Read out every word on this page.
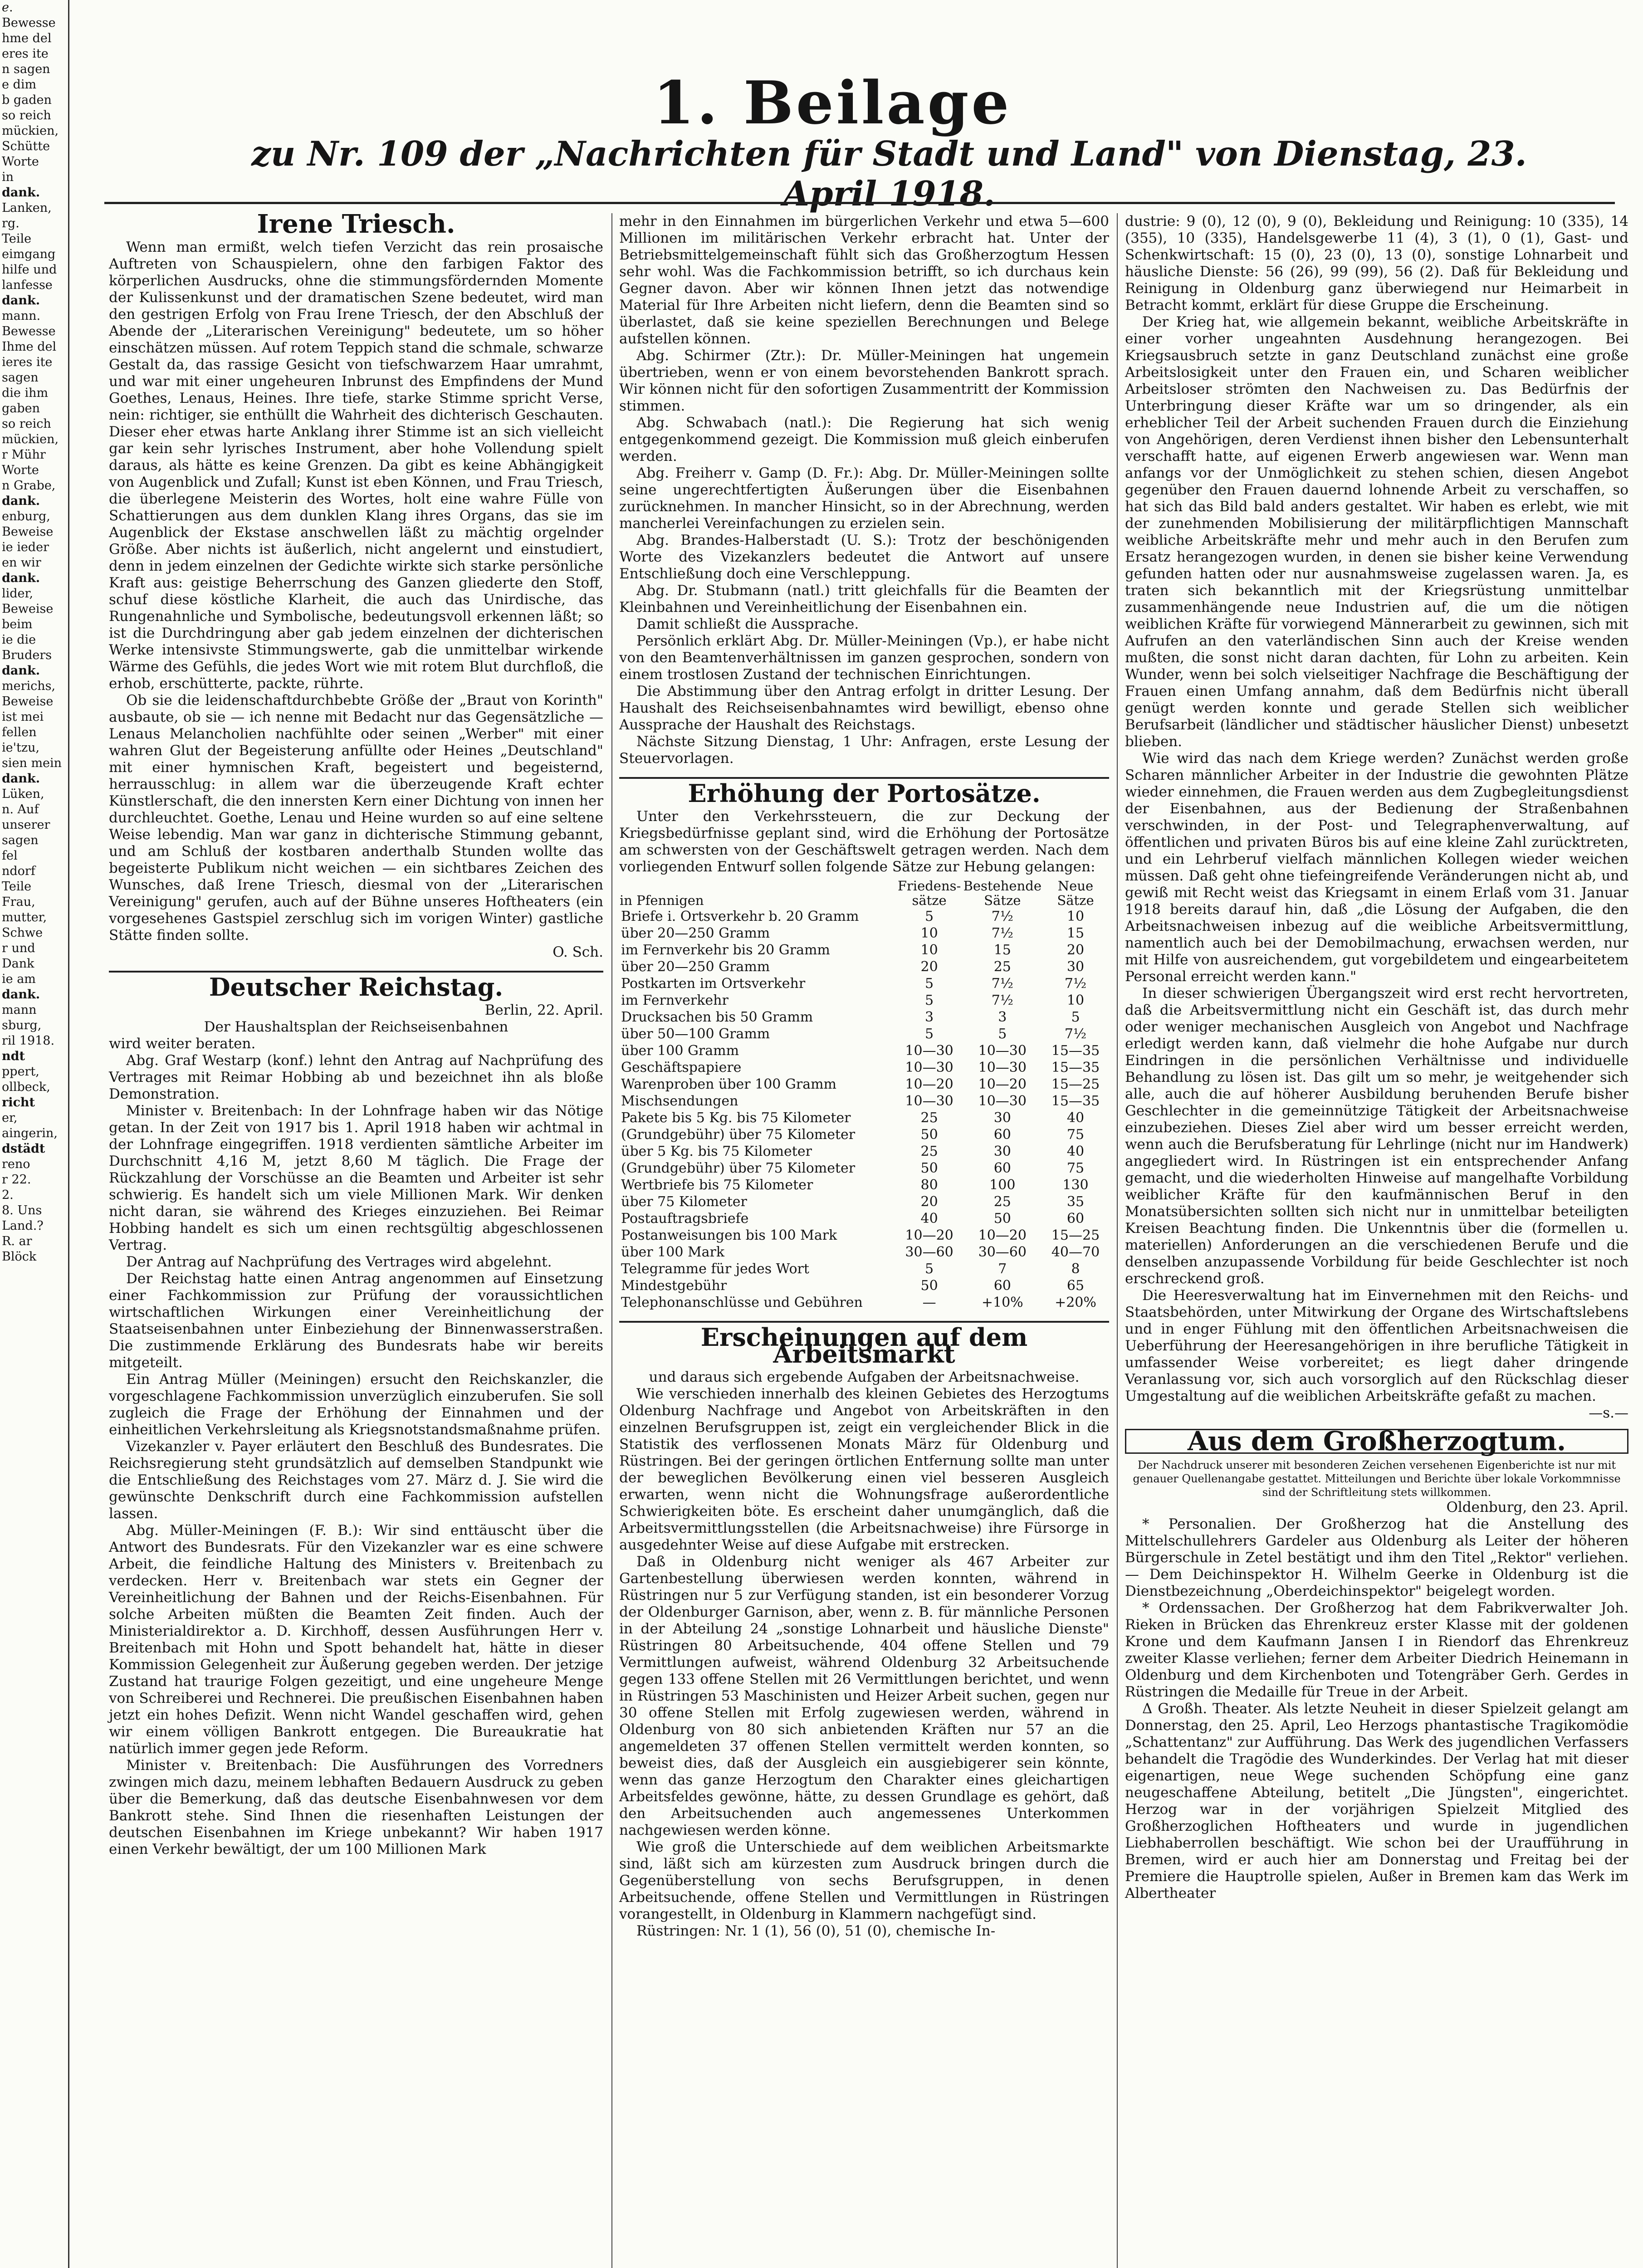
ℯ.
Bewesse
hme del
eres ite
n sagen
e dim
b gaden
so reich
mückien,
Schütte
Worte
in
dank.
Lanken,
rg.
Teile
eimgang
hilfe und
lanfesse
dank.
mann.
Bewesse
Ihme del
ieres ite
sagen
die ihm
gaben
so reich
mückien,
r Mühr
Worte
n Grabe,
dank.
enburg,
Beweise
ie ieder
en wir
dank.
lider,
Beweise
beim
ie die
Bruders
dank.
merichs,
Beweise
ist mei
fellen
ie'tzu,
sien mein
dank.
Lüken,
n. Auf
unserer
sagen
fel
ndorf
Teile
Frau,
mutter,
Schwe
r und
Dank
ie am
dank.
mann
sburg,
ril 1918.
ndt
ppert,
ollbeck,
richt
er,
aingerin,
dstädt
reno
r 22.
2.
8. Uns
Land.?
R. ar
Blöck
1. Beilage
zu Nr. 109 der „Nachrichten für Stadt und Land" von Dienstag, 23. April 1918.
Irene Triesch.

Wenn man ermißt, welch tiefen Verzicht das rein prosaische Auftreten von Schauspielern, ohne den farbigen Faktor des körperlichen Ausdrucks, ohne die stimmungsfördernden Momente der Kulissenkunst und der dramatischen Szene bedeutet, wird man den gestrigen Erfolg von Frau Irene Triesch, der den Abschluß der Abende der „Literarischen Vereinigung" bedeutete, um so höher einschätzen müssen. Auf rotem Teppich stand die schmale, schwarze Gestalt da, das rassige Gesicht von tiefschwarzem Haar umrahmt, und war mit einer ungeheuren Inbrunst des Empfindens der Mund Goethes, Lenaus, Heines. Ihre tiefe, starke Stimme spricht Verse, nein: richtiger, sie enthüllt die Wahrheit des dichterisch Geschauten. Dieser eher etwas harte Anklang ihrer Stimme ist an sich vielleicht gar kein sehr lyrisches Instrument, aber hohe Vollendung spielt daraus, als hätte es keine Grenzen. Da gibt es keine Abhängigkeit von Augenblick und Zufall; Kunst ist eben Können, und Frau Triesch, die überlegene Meisterin des Wortes, holt eine wahre Fülle von Schattierungen aus dem dunklen Klang ihres Organs, das sie im Augenblick der Ekstase anschwellen läßt zu mächtig orgelnder Größe. Aber nichts ist äußerlich, nicht angelernt und einstudiert, denn in jedem einzelnen der Gedichte wirkte sich starke persönliche Kraft aus: geistige Beherrschung des Ganzen gliederte den Stoff, schuf diese köstliche Klarheit, die auch das Unirdische, das Rungenahnliche und Symbolische, bedeutungsvoll erkennen läßt; so ist die Durchdringung aber gab jedem einzelnen der dichterischen Werke intensivste Stimmungswerte, gab die unmittelbar wirkende Wärme des Gefühls, die jedes Wort wie mit rotem Blut durchfloß, die erhob, erschütterte, packte, rührte.

Ob sie die leidenschaftdurchbebte Größe der „Braut von Korinth" ausbaute, ob sie — ich nenne mit Bedacht nur das Gegensätzliche — Lenaus Melancholien nachfühlte oder seinen „Werber" mit einer wahren Glut der Begeisterung anfüllte oder Heines „Deutschland" mit einer hymnischen Kraft, begeistert und begeisternd, herrausschlug: in allem war die überzeugende Kraft echter Künstlerschaft, die den innersten Kern einer Dichtung von innen her durchleuchtet. Goethe, Lenau und Heine wurden so auf eine seltene Weise lebendig. Man war ganz in dichterische Stimmung gebannt, und am Schluß der kostbaren anderthalb Stunden wollte das begeisterte Publikum nicht weichen — ein sichtbares Zeichen des Wunsches, daß Irene Triesch, diesmal von der „Literarischen Vereinigung" gerufen, auch auf der Bühne unseres Hoftheaters (ein vorgesehenes Gastspiel zerschlug sich im vorigen Winter) gastliche Stätte finden sollte.

O. Sch.
Deutscher Reichstag.
Berlin, 22. April.
Der Haushaltsplan der Reichseisenbahnen

wird weiter beraten.

Abg. Graf Westarp (konf.) lehnt den Antrag auf Nachprüfung des Vertrages mit Reimar Hobbing ab und bezeichnet ihn als bloße Demonstration.

Minister v. Breitenbach: In der Lohnfrage haben wir das Nötige getan. In der Zeit von 1917 bis 1. April 1918 haben wir achtmal in der Lohnfrage eingegriffen. 1918 verdienten sämtliche Arbeiter im Durchschnitt 4,16 M, jetzt 8,60 M täglich. Die Frage der Rückzahlung der Vorschüsse an die Beamten und Arbeiter ist sehr schwierig. Es handelt sich um viele Millionen Mark. Wir denken nicht daran, sie während des Krieges einzuziehen. Bei Reimar Hobbing handelt es sich um einen rechtsgültig abgeschlossenen Vertrag.

Der Antrag auf Nachprüfung des Vertrages wird abgelehnt.

Der Reichstag hatte einen Antrag angenommen auf Einsetzung einer Fachkommission zur Prüfung der voraussichtlichen wirtschaftlichen Wirkungen einer Vereinheitlichung der Staatseisenbahnen unter Einbeziehung der Binnenwasserstraßen. Die zustimmende Erklärung des Bundesrats habe wir bereits mitgeteilt.

Ein Antrag Müller (Meiningen) ersucht den Reichskanzler, die vorgeschlagene Fachkommission unverzüglich einzuberufen. Sie soll zugleich die Frage der Erhöhung der Einnahmen und der einheitlichen Verkehrsleitung als Kriegsnotstandsmaßnahme prüfen.

Vizekanzler v. Payer erläutert den Beschluß des Bundesrates. Die Reichsregierung steht grundsätzlich auf demselben Standpunkt wie die Entschließung des Reichstages vom 27. März d. J. Sie wird die gewünschte Denkschrift durch eine Fachkommission aufstellen lassen.

Abg. Müller-Meiningen (F. B.): Wir sind enttäuscht über die Antwort des Bundesrats. Für den Vizekanzler war es eine schwere Arbeit, die feindliche Haltung des Ministers v. Breitenbach zu verdecken. Herr v. Breitenbach war stets ein Gegner der Vereinheitlichung der Bahnen und der Reichs-Eisenbahnen. Für solche Arbeiten müßten die Beamten Zeit finden. Auch der Ministerialdirektor a. D. Kirchhoff, dessen Ausführungen Herr v. Breitenbach mit Hohn und Spott behandelt hat, hätte in dieser Kommission Gelegenheit zur Äußerung gegeben werden. Der jetzige Zustand hat traurige Folgen gezeitigt, und eine ungeheure Menge von Schreiberei und Rechnerei. Die preußischen Eisenbahnen haben jetzt ein hohes Defizit. Wenn nicht Wandel geschaffen wird, gehen wir einem völligen Bankrott entgegen. Die Bureaukratie hat natürlich immer gegen jede Reform.

Minister v. Breitenbach: Die Ausführungen des Vorredners zwingen mich dazu, meinem lebhaften Bedauern Ausdruck zu geben über die Bemerkung, daß das deutsche Eisenbahnwesen vor dem Bankrott stehe. Sind Ihnen die riesenhaften Leistungen der deutschen Eisenbahnen im Kriege unbekannt? Wir haben 1917 einen Verkehr bewältigt, der um 100 Millionen Mark

mehr in den Einnahmen im bürgerlichen Verkehr und etwa 5—600 Millionen im militärischen Verkehr erbracht hat. Unter der Betriebsmittelgemeinschaft fühlt sich das Großherzogtum Hessen sehr wohl. Was die Fachkommission betrifft, so ich durchaus kein Gegner davon. Aber wir können Ihnen jetzt das notwendige Material für Ihre Arbeiten nicht liefern, denn die Beamten sind so überlastet, daß sie keine speziellen Berechnungen und Belege aufstellen können.

Abg. Schirmer (Ztr.): Dr. Müller-Meiningen hat ungemein übertrieben, wenn er von einem bevorstehenden Bankrott sprach. Wir können nicht für den sofortigen Zusammentritt der Kommission stimmen.

Abg. Schwabach (natl.): Die Regierung hat sich wenig entgegenkommend gezeigt. Die Kommission muß gleich einberufen werden.

Abg. Freiherr v. Gamp (D. Fr.): Abg. Dr. Müller-Meiningen sollte seine ungerechtfertigten Äußerungen über die Eisenbahnen zurücknehmen. In mancher Hinsicht, so in der Abrechnung, werden mancherlei Vereinfachungen zu erzielen sein.

Abg. Brandes-Halberstadt (U. S.): Trotz der beschönigenden Worte des Vizekanzlers bedeutet die Antwort auf unsere Entschließung doch eine Verschleppung.

Abg. Dr. Stubmann (natl.) tritt gleichfalls für die Beamten der Kleinbahnen und Vereinheitlichung der Eisenbahnen ein.

Damit schließt die Aussprache.

Persönlich erklärt Abg. Dr. Müller-Meiningen (Vp.), er habe nicht von den Beamtenverhältnissen im ganzen gesprochen, sondern von einem trostlosen Zustand der technischen Einrichtungen.

Die Abstimmung über den Antrag erfolgt in dritter Lesung. Der Haushalt des Reichseisenbahnamtes wird bewilligt, ebenso ohne Aussprache der Haushalt des Reichstags.

Nächste Sitzung Dienstag, 1 Uhr: Anfragen, erste Lesung der Steuervorlagen.

Erhöhung der Portosätze.

Unter den Verkehrssteuern, die zur Deckung der Kriegsbedürfnisse geplant sind, wird die Erhöhung der Portosätze am schwersten von der Geschäftswelt getragen werden. Nach dem vorliegenden Entwurf sollen folgende Sätze zur Hebung gelangen:

in Pfennigen	Friedens- sätze	Bestehende Sätze	Neue Sätze
Briefe i. Ortsverkehr b. 20 Gramm	5	7½	10
über 20—250 Gramm	10	7½	15
im Fernverkehr bis 20 Gramm	10	15	20
über 20—250 Gramm	20	25	30
Postkarten im Ortsverkehr	5	7½	7½
im Fernverkehr	5	7½	10
Drucksachen bis 50 Gramm	3	3	5
über 50—100 Gramm	5	5	7½
über 100 Gramm	10—30	10—30	15—35
Geschäftspapiere	10—30	10—30	15—35
Warenproben über 100 Gramm	10—20	10—20	15—25
Mischsendungen	10—30	10—30	15—35
Pakete bis 5 Kg. bis 75 Kilometer	25	30	40
(Grundgebühr) über 75 Kilometer	50	60	75
über 5 Kg. bis 75 Kilometer	25	30	40
(Grundgebühr) über 75 Kilometer	50	60	75
Wertbriefe bis 75 Kilometer	80	100	130
über 75 Kilometer	20	25	35
Postauftragsbriefe	40	50	60
Postanweisungen bis 100 Mark	10—20	10—20	15—25
über 100 Mark	30—60	30—60	40—70
Telegramme für jedes Wort	5	7	8
Mindestgebühr	50	60	65
Telephonanschlüsse und Gebühren	—	+10%	+20%
Erscheinungen auf dem Arbeitsmarkt
und daraus sich ergebende Aufgaben der Arbeitsnachweise.

Wie verschieden innerhalb des kleinen Gebietes des Herzogtums Oldenburg Nachfrage und Angebot von Arbeitskräften in den einzelnen Berufsgruppen ist, zeigt ein vergleichender Blick in die Statistik des verflossenen Monats März für Oldenburg und Rüstringen. Bei der geringen örtlichen Entfernung sollte man unter der beweglichen Bevölkerung einen viel besseren Ausgleich erwarten, wenn nicht die Wohnungsfrage außerordentliche Schwierigkeiten böte. Es erscheint daher unumgänglich, daß die Arbeitsvermittlungsstellen (die Arbeitsnachweise) ihre Fürsorge in ausgedehnter Weise auf diese Aufgabe mit erstrecken.

Daß in Oldenburg nicht weniger als 467 Arbeiter zur Gartenbestellung überwiesen werden konnten, während in Rüstringen nur 5 zur Verfügung standen, ist ein besonderer Vorzug der Oldenburger Garnison, aber, wenn z. B. für männliche Personen in der Abteilung 24 „sonstige Lohnarbeit und häusliche Dienste" Rüstringen 80 Arbeitsuchende, 404 offene Stellen und 79 Vermittlungen aufweist, während Oldenburg 32 Arbeitsuchende gegen 133 offene Stellen mit 26 Vermittlungen berichtet, und wenn in Rüstringen 53 Maschinisten und Heizer Arbeit suchen, gegen nur 30 offene Stellen mit Erfolg zugewiesen werden, während in Oldenburg von 80 sich anbietenden Kräften nur 57 an die angemeldeten 37 offenen Stellen vermittelt werden konnten, so beweist dies, daß der Ausgleich ein ausgiebigerer sein könnte, wenn das ganze Herzogtum den Charakter eines gleichartigen Arbeitsfeldes gewönne, hätte, zu dessen Grundlage es gehört, daß den Arbeitsuchenden auch angemessenes Unterkommen nachgewiesen werden könne.

Wie groß die Unterschiede auf dem weiblichen Arbeitsmarkte sind, läßt sich am kürzesten zum Ausdruck bringen durch die Gegenüberstellung von sechs Berufsgruppen, in denen Arbeitsuchende, offene Stellen und Vermittlungen in Rüstringen vorangestellt, in Oldenburg in Klammern nachgefügt sind.

Rüstringen: Nr. 1 (1), 56 (0), 51 (0), chemische In-

dustrie: 9 (0), 12 (0), 9 (0), Bekleidung und Reinigung: 10 (335), 14 (355), 10 (335), Handelsgewerbe 11 (4), 3 (1), 0 (1), Gast- und Schenkwirtschaft: 15 (0), 23 (0), 13 (0), sonstige Lohnarbeit und häusliche Dienste: 56 (26), 99 (99), 56 (2). Daß für Bekleidung und Reinigung in Oldenburg ganz überwiegend nur Heimarbeit in Betracht kommt, erklärt für diese Gruppe die Erscheinung.

Der Krieg hat, wie allgemein bekannt, weibliche Arbeitskräfte in einer vorher ungeahnten Ausdehnung herangezogen. Bei Kriegsausbruch setzte in ganz Deutschland zunächst eine große Arbeitslosigkeit unter den Frauen ein, und Scharen weiblicher Arbeitsloser strömten den Nachweisen zu. Das Bedürfnis der Unterbringung dieser Kräfte war um so dringender, als ein erheblicher Teil der Arbeit suchenden Frauen durch die Einziehung von Angehörigen, deren Verdienst ihnen bisher den Lebensunterhalt verschafft hatte, auf eigenen Erwerb angewiesen war. Wenn man anfangs vor der Unmöglichkeit zu stehen schien, diesen Angebot gegenüber den Frauen dauernd lohnende Arbeit zu verschaffen, so hat sich das Bild bald anders gestaltet. Wir haben es erlebt, wie mit der zunehmenden Mobilisierung der militärpflichtigen Mannschaft weibliche Arbeitskräfte mehr und mehr auch in den Berufen zum Ersatz herangezogen wurden, in denen sie bisher keine Verwendung gefunden hatten oder nur ausnahmsweise zugelassen waren. Ja, es traten sich bekanntlich mit der Kriegsrüstung unmittelbar zusammenhängende neue Industrien auf, die um die nötigen weiblichen Kräfte für vorwiegend Männerarbeit zu gewinnen, sich mit Aufrufen an den vaterländischen Sinn auch der Kreise wenden mußten, die sonst nicht daran dachten, für Lohn zu arbeiten. Kein Wunder, wenn bei solch vielseitiger Nachfrage die Beschäftigung der Frauen einen Umfang annahm, daß dem Bedürfnis nicht überall genügt werden konnte und gerade Stellen sich weiblicher Berufsarbeit (ländlicher und städtischer häuslicher Dienst) unbesetzt blieben.

Wie wird das nach dem Kriege werden? Zunächst werden große Scharen männlicher Arbeiter in der Industrie die gewohnten Plätze wieder einnehmen, die Frauen werden aus dem Zugbegleitungsdienst der Eisenbahnen, aus der Bedienung der Straßenbahnen verschwinden, in der Post- und Telegraphenverwaltung, auf öffentlichen und privaten Büros bis auf eine kleine Zahl zurücktreten, und ein Lehrberuf vielfach männlichen Kollegen wieder weichen müssen. Daß geht ohne tiefeingreifende Veränderungen nicht ab, und gewiß mit Recht weist das Kriegsamt in einem Erlaß vom 31. Januar 1918 bereits darauf hin, daß „die Lösung der Aufgaben, die den Arbeitsnachweisen inbezug auf die weibliche Arbeitsvermittlung, namentlich auch bei der Demobilmachung, erwachsen werden, nur mit Hilfe von ausreichendem, gut vorgebildetem und eingearbeitetem Personal erreicht werden kann."

In dieser schwierigen Übergangszeit wird erst recht hervortreten, daß die Arbeitsvermittlung nicht ein Geschäft ist, das durch mehr oder weniger mechanischen Ausgleich von Angebot und Nachfrage erledigt werden kann, daß vielmehr die hohe Aufgabe nur durch Eindringen in die persönlichen Verhältnisse und individuelle Behandlung zu lösen ist. Das gilt um so mehr, je weitgehender sich alle, auch die auf höherer Ausbildung beruhenden Berufe bisher Geschlechter in die gemeinnützige Tätigkeit der Arbeitsnachweise einzubeziehen. Dieses Ziel aber wird um besser erreicht werden, wenn auch die Berufsberatung für Lehrlinge (nicht nur im Handwerk) angegliedert wird. In Rüstringen ist ein entsprechender Anfang gemacht, und die wiederholten Hinweise auf mangelhafte Vorbildung weiblicher Kräfte für den kaufmännischen Beruf in den Monatsübersichten sollten sich nicht nur in unmittelbar beteiligten Kreisen Beachtung finden. Die Unkenntnis über die (formellen u. materiellen) Anforderungen an die verschiedenen Berufe und die denselben anzupassende Vorbildung für beide Geschlechter ist noch erschreckend groß.

Die Heeresverwaltung hat im Einvernehmen mit den Reichs- und Staatsbehörden, unter Mitwirkung der Organe des Wirtschaftslebens und in enger Fühlung mit den öffentlichen Arbeitsnachweisen die Ueberführung der Heeresangehörigen in ihre berufliche Tätigkeit in umfassender Weise vorbereitet; es liegt daher dringende Veranlassung vor, sich auch vorsorglich auf den Rückschlag dieser Umgestaltung auf die weiblichen Arbeitskräfte gefaßt zu machen.

—s.—
Aus dem Großherzogtum.
Der Nachdruck unserer mit besonderen Zeichen versehenen Eigenberichte ist nur mit genauer Quellenangabe gestattet. Mitteilungen und Berichte über lokale Vorkommnisse sind der Schriftleitung stets willkommen.
Oldenburg, den 23. April.

* Personalien. Der Großherzog hat die Anstellung des Mittelschullehrers Gardeler aus Oldenburg als Leiter der höheren Bürgerschule in Zetel bestätigt und ihm den Titel „Rektor" verliehen. — Dem Deichinspektor H. Wilhelm Geerke in Oldenburg ist die Dienstbezeichnung „Oberdeichinspektor" beigelegt worden.

* Ordenssachen. Der Großherzog hat dem Fabrikverwalter Joh. Rieken in Brücken das Ehrenkreuz erster Klasse mit der goldenen Krone und dem Kaufmann Jansen I in Riendorf das Ehrenkreuz zweiter Klasse verliehen; ferner dem Arbeiter Diedrich Heinemann in Oldenburg und dem Kirchenboten und Totengräber Gerh. Gerdes in Rüstringen die Medaille für Treue in der Arbeit.

Δ Großh. Theater. Als letzte Neuheit in dieser Spielzeit gelangt am Donnerstag, den 25. April, Leo Herzogs phantastische Tragikomödie „Schattentanz" zur Aufführung. Das Werk des jugendlichen Verfassers behandelt die Tragödie des Wunderkindes. Der Verlag hat mit dieser eigenartigen, neue Wege suchenden Schöpfung eine ganz neugeschaffene Abteilung, betitelt „Die Jüngsten", eingerichtet. Herzog war in der vorjährigen Spielzeit Mitglied des Großherzoglichen Hoftheaters und wurde in jugendlichen Liebhaberrollen beschäftigt. Wie schon bei der Uraufführung in Bremen, wird er auch hier am Donnerstag und Freitag bei der Premiere die Hauptrolle spielen, Außer in Bremen kam das Werk im Albertheater
